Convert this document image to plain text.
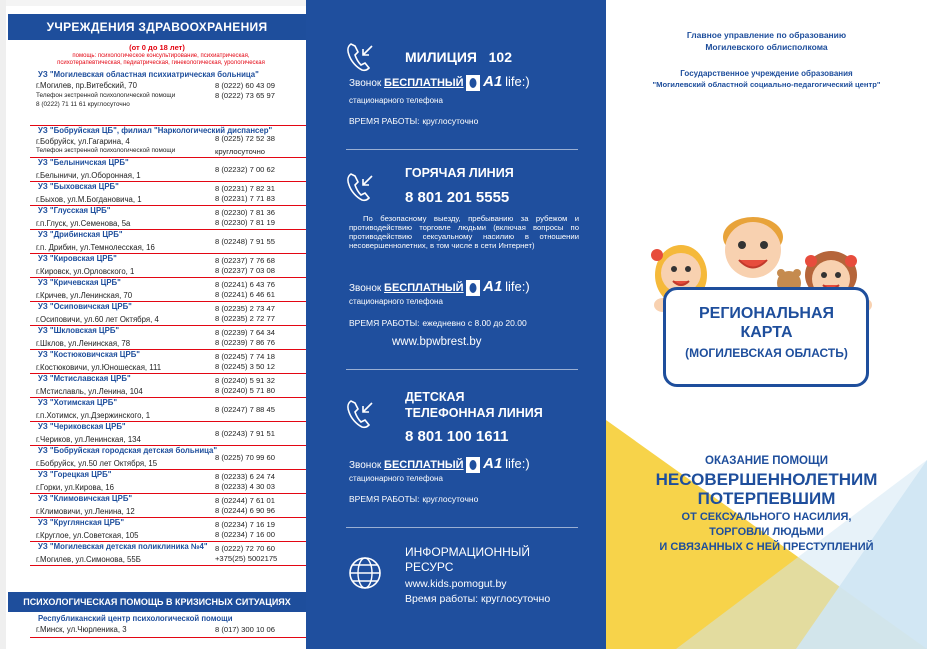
УЧРЕЖДЕНИЯ ЗДРАВООХРАНЕНИЯ
(от 0 до 18 лет)
помощь: психологическое консультирование, психиатрическая,
психотерапевтическая, педиатрическая, гинекологическая, урологическая
УЗ "Могилевская областная психиатрическая больница"
г.Могилев, пр.Витебский, 70	8 (0222) 60 43 09
8 (0222) 73 65 97
Телефон экстренной психологической помощи
8 (0222) 71 11 61 круглосуточно
УЗ "Бобруйская ЦБ", филиал "Наркологический диспансер"
г.Бобруйск, ул.Гагарина, 4	8 (0225) 72 52 38
Телефон экстренной психологической помощи	круглосуточно
УЗ "Белыничская ЦРБ"
г.Белыничи, ул.Оборонная, 1
8 (02232) 7 00 62
УЗ "Быховская ЦРБ"
г.Быхов, ул.М.Богдановича, 1
8 (02231) 7 82 31
8 (02231) 7 71 83
УЗ "Глусская ЦРБ"
г.п.Глуск, ул.Семенова, 5а
8 (02230) 7 81 36
8 (02230) 7 81 19
УЗ "Дрибинская ЦРБ"
г.п. Дрибин, ул.Темнолесская, 16
8 (02248) 7 91 55
УЗ "Кировская ЦРБ"
г.Кировск, ул.Орловского, 1
8 (02237) 7 76 68
8 (02237) 7 03 08
УЗ "Кричевская ЦРБ"
г.Кричев, ул.Ленинская, 70
8 (02241) 6 43 76
8 (02241) 6 46 61
УЗ "Осиповичская ЦРБ"
г.Осиповичи, ул.60 лет Октября, 4
8 (02235) 2 73 47
8 (02235) 2 72 77
УЗ "Шкловская ЦРБ"
г.Шклов, ул.Ленинская, 78
8 (02239) 7 64 34
8 (02239) 7 86 76
УЗ "Костюковичская ЦРБ"
г.Костюковичи, ул.Юношеская, 111
8 (02245) 7 74 18
8 (02245) 3 50 12
УЗ "Мстиславская ЦРБ"
г.Мстиславль, ул.Ленина, 104
8 (02240) 5 91 32
8 (02240) 5 71 80
УЗ "Хотимская ЦРБ"
г.п.Хотимск, ул.Дзержинского, 1
8 (02247) 7 88 45
УЗ "Чериковская ЦРБ"
г.Чериков, ул.Ленинская, 134
8 (02243) 7 91 51
УЗ "Бобруйская городская детская больница"
г.Бобруйск, ул.50 лет Октября, 15
8 (0225) 70 99 60
УЗ "Горецкая ЦРБ"
г.Горки, ул.Кирова, 16
8 (02233) 6 24 74
8 (02233) 4 30 03
УЗ "Климовичская ЦРБ"
г.Климовичи, ул.Ленина, 12
8 (02244) 7 61 01
8 (02244) 6 90 96
УЗ "Круглянская ЦРБ"
г.Круглое, ул.Советская, 105
8 (02234) 7 16 19
8 (02234) 7 16 00
УЗ "Могилевская детская поликлиника №4"
г.Могилев, ул.Симонова, 55Б
8 (0222) 72 70 60
+375(25) 5002175
ПСИХОЛОГИЧЕСКАЯ ПОМОЩЬ В КРИЗИСНЫХ СИТУАЦИЯХ
Республиканский центр психологической помощи
г.Минск, ул.Чюрленика, 3	8 (017) 300 10 06
МИЛИЦИЯ 102
Звонок БЕСПЛАТНЫЙ A1 life:)
стационарного телефона
ВРЕМЯ РАБОТЫ: круглосуточно
ГОРЯЧАЯ ЛИНИЯ
8 801 201 5555
По безопасному выезду, пребыванию за рубежом и противодействию торговле людьми (включая вопросы по противодействию сексуальному насилию в отношении несовершеннолетних, в том числе в сети Интернет)
Звонок БЕСПЛАТНЫЙ A1 life:)
стационарного телефона
ВРЕМЯ РАБОТЫ: ежедневно с 8.00 до 20.00
www.bpwbrest.by
ДЕТСКАЯ
ТЕЛЕФОННАЯ ЛИНИЯ
8 801 100 1611
Звонок БЕСПЛАТНЫЙ A1 life:)
стационарного телефона
ВРЕМЯ РАБОТЫ: круглосуточно
ИНФОРМАЦИОННЫЙ
РЕСУРС
www.kids.pomogut.by
Время работы: круглосуточно
Главное управление по образованию
Могилевского облисполкома
Государственное учреждение образования
"Могилевский областной социально-педагогический центр"
РЕГИОНАЛЬНАЯ
КАРТА
(МОГИЛЕВСКАЯ ОБЛАСТЬ)
ОКАЗАНИЕ ПОМОЩИ
НЕСОВЕРШЕННОЛЕТНИМ
ПОТЕРПЕВШИМ
ОТ СЕКСУАЛЬНОГО НАСИЛИЯ,
ТОРГОВЛИ ЛЮДЬМИ
И СВЯЗАННЫХ С НЕЙ ПРЕСТУПЛЕНИЙ
